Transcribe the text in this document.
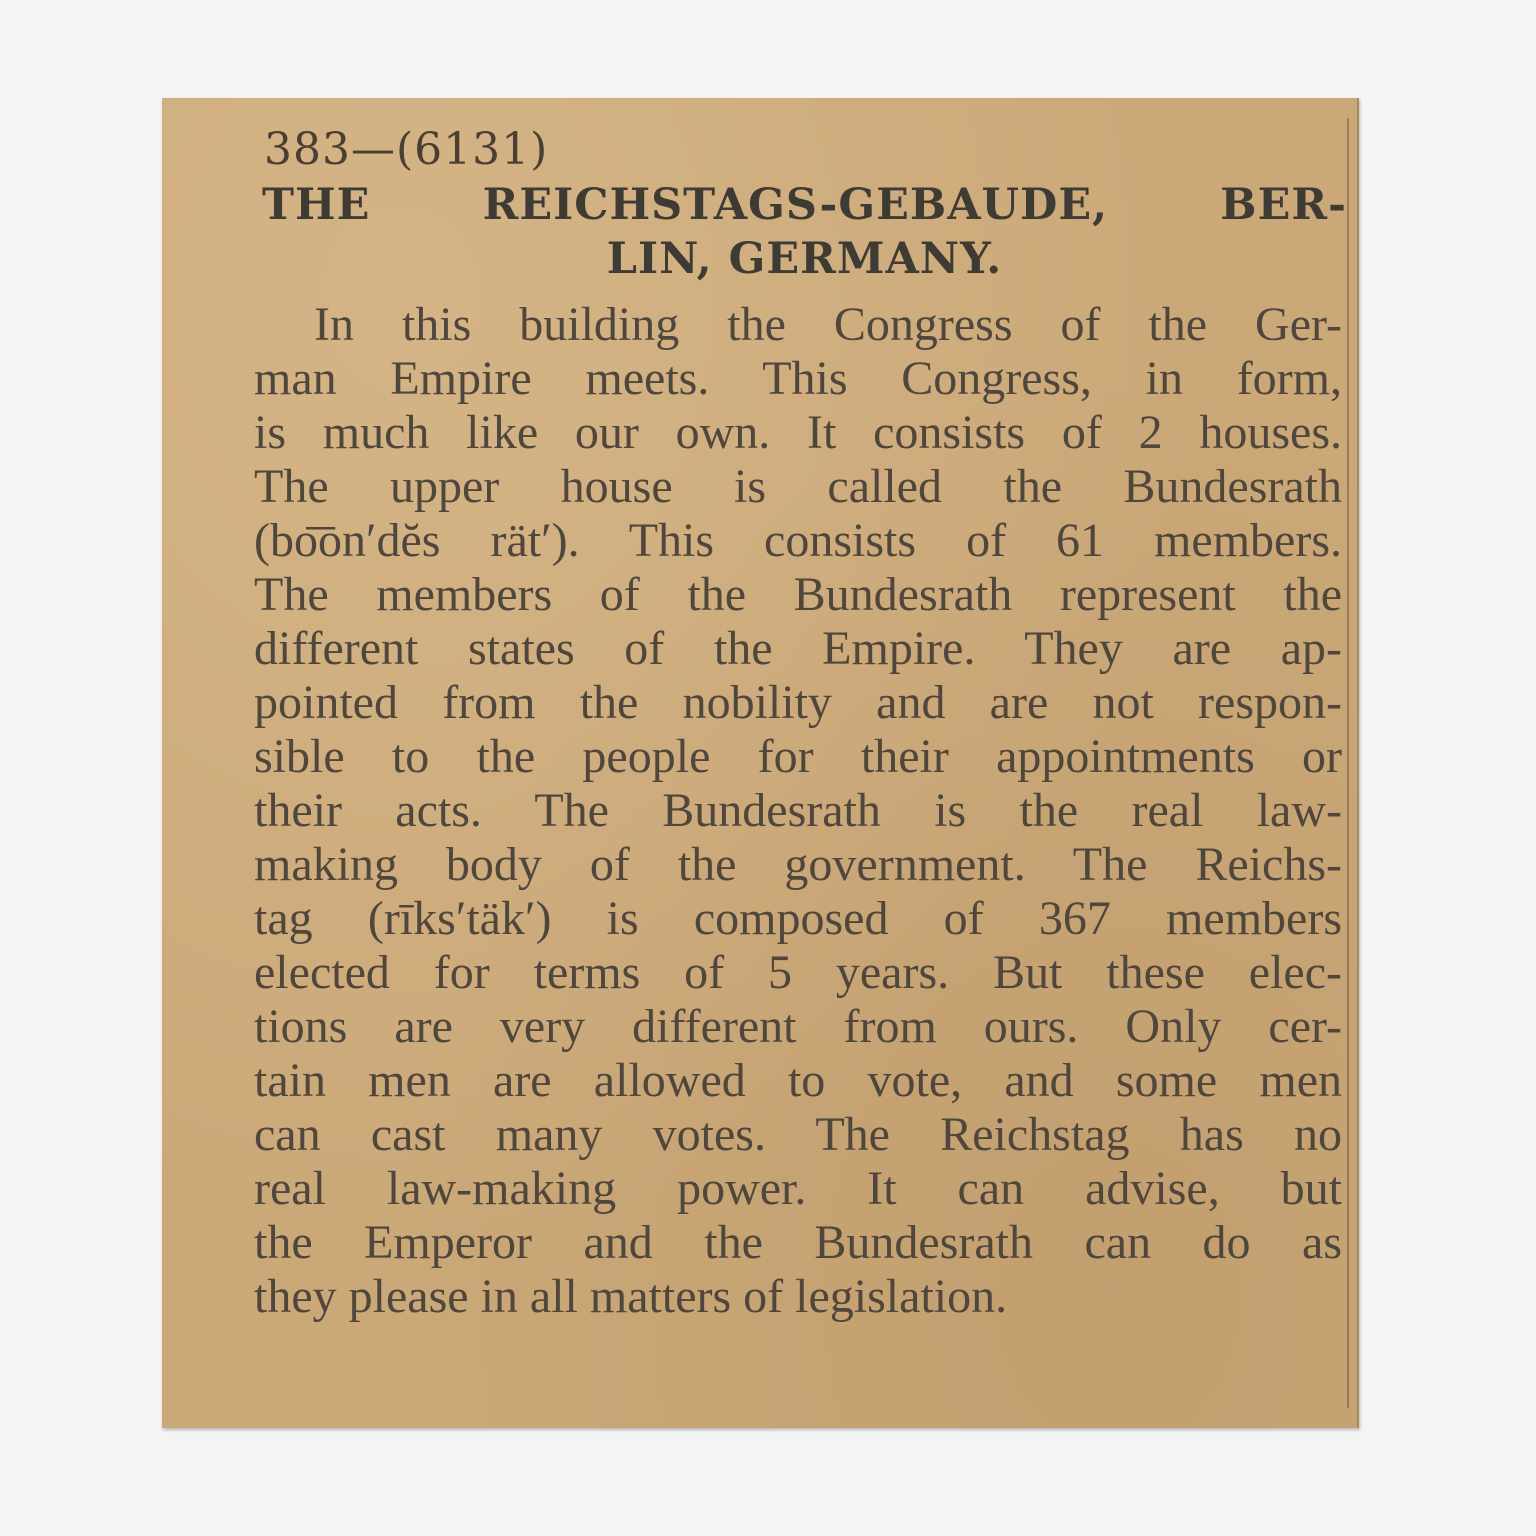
383—(6131)
THE REICHSTAGS-GEBAUDE, BER-
LIN, GERMANY.
In this building the Congress of the Ger-
man Empire meets. This Congress, in form,
is much like our own. It consists of 2 houses.
The upper house is called the Bundesrath
(bo͞on′dĕs rät′). This consists of 61 members.
The members of the Bundesrath represent the
different states of the Empire. They are ap-
pointed from the nobility and are not respon-
sible to the people for their appointments or
their acts. The Bundesrath is the real law-
making body of the government. The Reichs-
tag (rīks′täk′) is composed of 367 members
elected for terms of 5 years. But these elec-
tions are very different from ours. Only cer-
tain men are allowed to vote, and some men
can cast many votes. The Reichstag has no
real law-making power. It can advise, but
the Emperor and the Bundesrath can do as
they please in all matters of legislation.
